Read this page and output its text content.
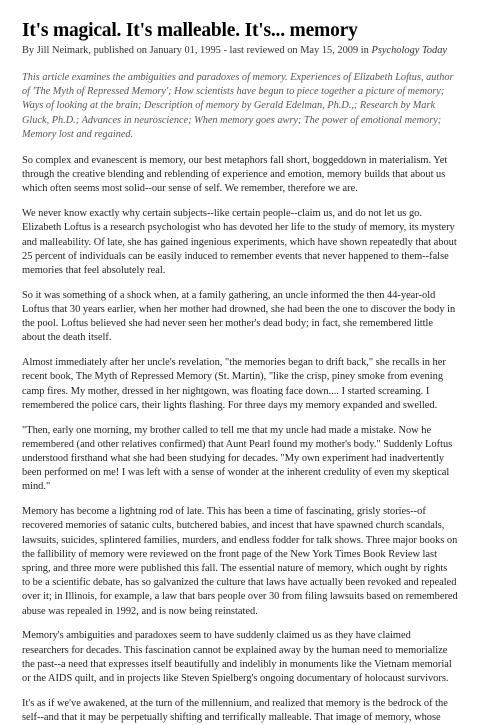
It's magical. It's malleable. It's... memory
By Jill Neimark, published on January 01, 1995 - last reviewed on May 15, 2009 in Psychology Today
This article examines the ambiguities and paradoxes of memory. Experiences of Elizabeth Loftus, author
of 'The Myth of Repressed Memory'; How scientists have begun to piece together a picture of memory;
Ways of looking at the brain; Description of memory by Gerald Edelman, Ph.D.,; Research by Mark
Gluck, Ph.D.; Advances in neuroscience; When memory goes awry; The power of emotional memory;
Memory lost and regained.

So complex and evanescent is memory, our best metaphors fall short, boggeddown in materialism. Yet
through the creative blending and reblending of experience and emotion, memory builds that about us
which often seems most solid--our sense of self. We remember, therefore we are.

We never know exactly why certain subjects--like certain people--claim us, and do not let us go.
Elizabeth Loftus is a research psychologist who has devoted her life to the study of memory, its mystery
and malleability. Of late, she has gained ingenious experiments, which have shown repeatedly that about
25 percent of individuals can be easily induced to remember events that never happened to them--false
memories that feel absolutely real.

So it was something of a shock when, at a family gathering, an uncle informed the then 44-year-old
Loftus that 30 years earlier, when her mother had drowned, she had been the one to discover the body in
the pool. Loftus believed she had never seen her mother's dead body; in fact, she remembered little
about the death itself.

Almost immediately after her uncle's revelation, "the memories began to drift back," she recalls in her
recent book, The Myth of Repressed Memory (St. Martin), "like the crisp, piney smoke from evening
camp fires. My mother, dressed in her nightgown, was floating face down.... I started screaming. I
remembered the police cars, their lights flashing. For three days my memory expanded and swelled.

"Then, early one morning, my brother called to tell me that my uncle had made a mistake. Now he
remembered (and other relatives confirmed) that Aunt Pearl found my mother's body." Suddenly Loftus
understood firsthand what she had been studying for decades. "My own experiment had inadvertently
been performed on me! I was left with a sense of wonder at the inherent credulity of even my skeptical
mind."

Memory has become a lightning rod of late. This has been a time of fascinating, grisly stories--of
recovered memories of satanic cults, butchered babies, and incest that have spawned church scandals,
lawsuits, suicides, splintered families, murders, and endless fodder for talk shows. Three major books on
the fallibility of memory were reviewed on the front page of the New York Times Book Review last
spring, and three more were published this fall. The essential nature of memory, which ought by rights
to be a scientific debate, has so galvanized the culture that laws have actually been revoked and repealed
over it; in Illinois, for example, a law that bars people over 30 from filing lawsuits based on remembered
abuse was repealed in 1992, and is now being reinstated.

Memory's ambiguities and paradoxes seem to have suddenly claimed us as they have claimed
researchers for decades. This fascination cannot be explained away by the human need to memorialize
the past--a need that expresses itself beautifully and indelibly in monuments like the Vietnam memorial
or the AIDS quilt, and in projects like Steven Spielberg's ongoing documentary of holocaust survivors.

It's as if we've awakened, at the turn of the millennium, and realized that memory is the bedrock of the
self--and that it may be perpetually shifting and terrifically malleable. That image of memory, whose
